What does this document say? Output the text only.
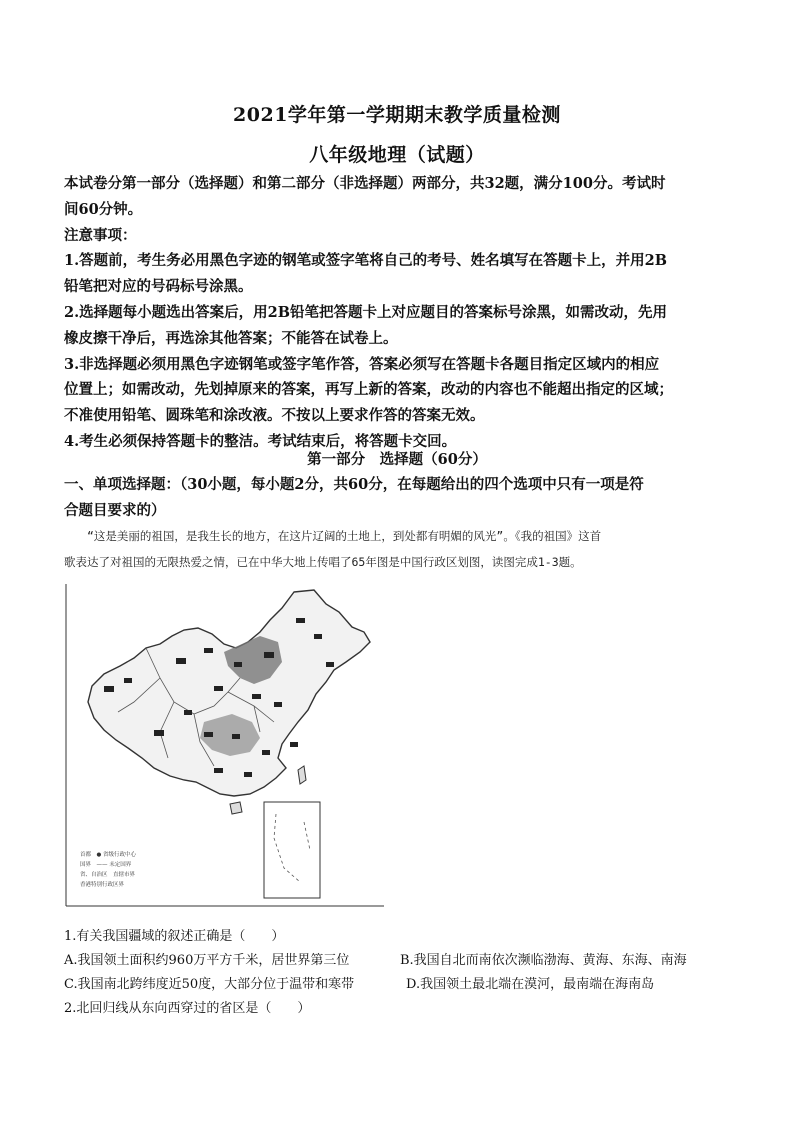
2021学年第一学期期末教学质量检测
八年级地理（试题）
本试卷分第一部分（选择题）和第二部分（非选择题）两部分，共32题，满分100分。考试时
间60分钟。
注意事项：
1.答题前，考生务必用黑色字迹的钢笔或签字笔将自己的考号、姓名填写在答题卡上，并用2B
铅笔把对应的号码标号涂黑。
2.选择题每小题选出答案后，用2B铅笔把答题卡上对应题目的答案标号涂黑，如需改动，先用
橡皮擦干净后，再选涂其他答案；不能答在试卷上。
3.非选择题必须用黑色字迹钢笔或签字笔作答，答案必须写在答题卡各题目指定区域内的相应
位置上；如需改动，先划掉原来的答案，再写上新的答案，改动的内容也不能超出指定的区域；
不准使用铅笔、圆珠笔和涂改液。不按以上要求作答的答案无效。
4.考生必须保持答题卡的整洁。考试结束后，将答题卡交回。
第一部分　选择题（60分）
一、单项选择题：（30小题，每小题2分，共60分，在每题给出的四个选项中只有一项是符
合题目要求的）
“这是美丽的祖国，是我生长的地方，在这片辽阔的土地上，到处都有明媚的风光”。《我的祖国》这首
歌表达了对祖国的无限热爱之情，已在中华大地上传唱了65年图是中国行政区划图，读图完成1-3题。
首都　● 省级行政中心
国界　—— 未定国界
省、自治区　直辖市界
香港特别行政区界
1.有关我国疆域的叙述正确是（　　）
A.我国领土面积约960万平方千米，居世界第三位	B.我国自北而南依次濒临渤海、黄海、东海、南海
C.我国南北跨纬度近50度，大部分位于温带和寒带	D.我国领土最北端在漠河，最南端在海南岛
2.北回归线从东向西穿过的省区是（　　）
